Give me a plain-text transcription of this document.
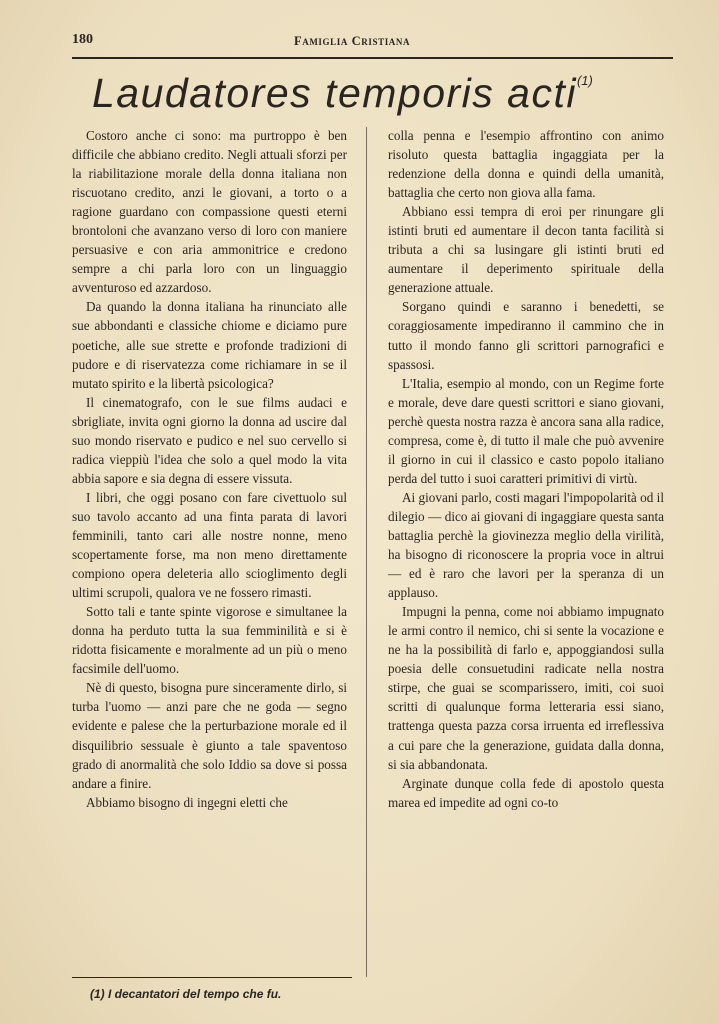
180	Famiglia Cristiana
Laudatores temporis acti$^{(1)}$

Costoro anche ci sono: ma purtroppo è ben difficile che abbiano credito. Negli attuali sforzi per la riabilitazione morale della donna italiana non riscuotano credito, anzi le giovani, a torto o a ragione guardano con compassione questi eterni brontoloni che avanzano verso di loro con maniere persuasive e con aria ammonitrice e credono sempre a chi parla loro con un linguaggio avventuroso ed azzardoso.

Da quando la donna italiana ha rinunciato alle sue abbondanti e classiche chiome e diciamo pure poetiche, alle sue strette e profonde tradizioni di pudore e di riservatezza come richiamare in se il mutato spirito e la libertà psicologica?

Il cinematografo, con le sue films audaci e sbrigliate, invita ogni giorno la donna ad uscire dal suo mondo riservato e pudico e nel suo cervello si radica vieppiù l'idea che solo a quel modo la vita abbia sapore e sia degna di essere vissuta.

I libri, che oggi posano con fare civettuolo sul suo tavolo accanto ad una finta parata di lavori femminili, tanto cari alle nostre nonne, meno scopertamente forse, ma non meno direttamente compiono opera deleteria allo scioglimento degli ultimi scrupoli, qualora ve ne fossero rimasti.

Sotto tali e tante spinte vigorose e simultanee la donna ha perduto tutta la sua femminilità e si è ridotta fisicamente e moralmente ad un più o meno facsimile dell'uomo.

Nè di questo, bisogna pure sinceramente dirlo, si turba l'uomo — anzi pare che ne goda — segno evidente e palese che la perturbazione morale ed il disquilibrio sessuale è giunto a tale spaventoso grado di anormalità che solo Iddio sa dove si possa andare a finire.

Abbiamo bisogno di ingegni eletti che

colla penna e l'esempio affrontino con animo risoluto questa battaglia ingaggiata per la redenzione della donna e quindi della umanità, battaglia che certo non giova alla fama.

Abbiano essi tempra di eroi per rinungare gli istinti bruti ed aumentare il decon tanta facilità si tributa a chi sa lusingare gli istinti bruti ed aumentare il deperimento spirituale della generazione attuale.

Sorgano quindi e saranno i benedetti, se coraggiosamente impediranno il cammino che in tutto il mondo fanno gli scrittori parnografici e spassosi.

L'Italia, esempio al mondo, con un Regime forte e morale, deve dare questi scrittori e siano giovani, perchè questa nostra razza è ancora sana alla radice, compresa, come è, di tutto il male che può avvenire il giorno in cui il classico e casto popolo italiano perda del tutto i suoi caratteri primitivi di virtù.

Ai giovani parlo, costi magari l'impopolarità od il dilegio — dico ai giovani di ingaggiare questa santa battaglia perchè la giovinezza meglio della virilità, ha bisogno di riconoscere la propria voce in altrui — ed è raro che lavori per la speranza di un applauso.

Impugni la penna, come noi abbiamo impugnato le armi contro il nemico, chi si sente la vocazione e ne ha la possibilità di farlo e, appoggiandosi sulla poesia delle consuetudini radicate nella nostra stirpe, che guai se scomparissero, imiti, coi suoi scritti di qualunque forma letteraria essi siano, trattenga questa pazza corsa irruenta ed irreflessiva a cui pare che la generazione, guidata dalla donna, si sia abbandonata.

Arginate dunque colla fede di apostolo questa marea ed impedite ad ogni co-to

(1) I decantatori del tempo che fu.
